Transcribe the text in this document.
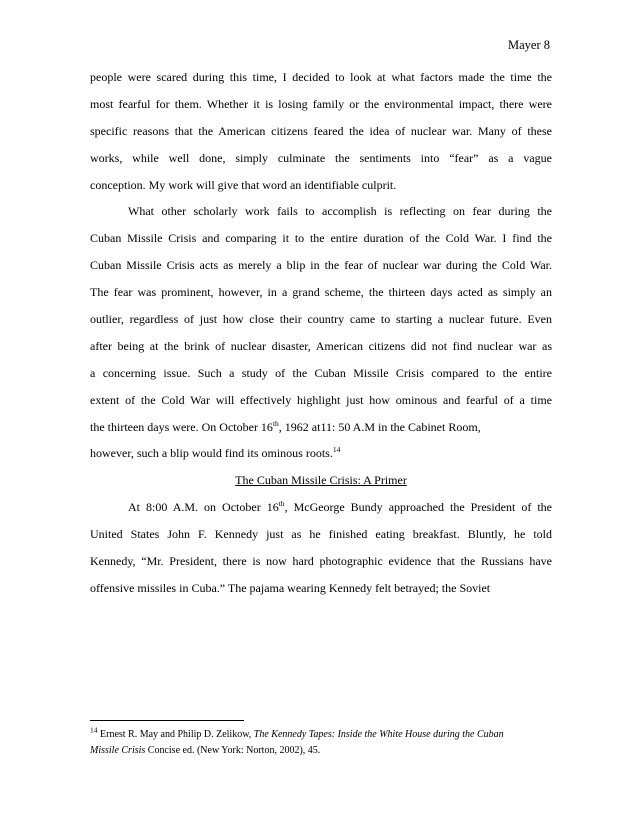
Mayer 8
people were scared during this time, I decided to look at what factors made the time the
most fearful for them. Whether it is losing family or the environmental impact, there were
specific reasons that the American citizens feared the idea of nuclear war. Many of these
works, while well done, simply culminate the sentiments into “fear” as a vague
conception. My work will give that word an identifiable culprit.
What other scholarly work fails to accomplish is reflecting on fear during the
Cuban Missile Crisis and comparing it to the entire duration of the Cold War. I find the
Cuban Missile Crisis acts as merely a blip in the fear of nuclear war during the Cold War.
The fear was prominent, however, in a grand scheme, the thirteen days acted as simply an
outlier, regardless of just how close their country came to starting a nuclear future. Even
after being at the brink of nuclear disaster, American citizens did not find nuclear war as
a concerning issue. Such a study of the Cuban Missile Crisis compared to the entire
extent of the Cold War will effectively highlight just how ominous and fearful of a time
the thirteen days were. On October 16th, 1962 at11: 50 A.M in the Cabinet Room,
however, such a blip would find its ominous roots.$^{14}$
The Cuban Missile Crisis: A Primer
At 8:00 A.M. on October 16th, McGeorge Bundy approached the President of the
United States John F. Kennedy just as he finished eating breakfast. Bluntly, he told
Kennedy, “Mr. President, there is now hard photographic evidence that the Russians have
offensive missiles in Cuba.” The pajama wearing Kennedy felt betrayed; the Soviet
$^{14}$ Ernest R. May and Philip D. Zelikow, The Kennedy Tapes: Inside the White House during the Cuban
Missile Crisis Concise ed. (New York: Norton, 2002), 45.
